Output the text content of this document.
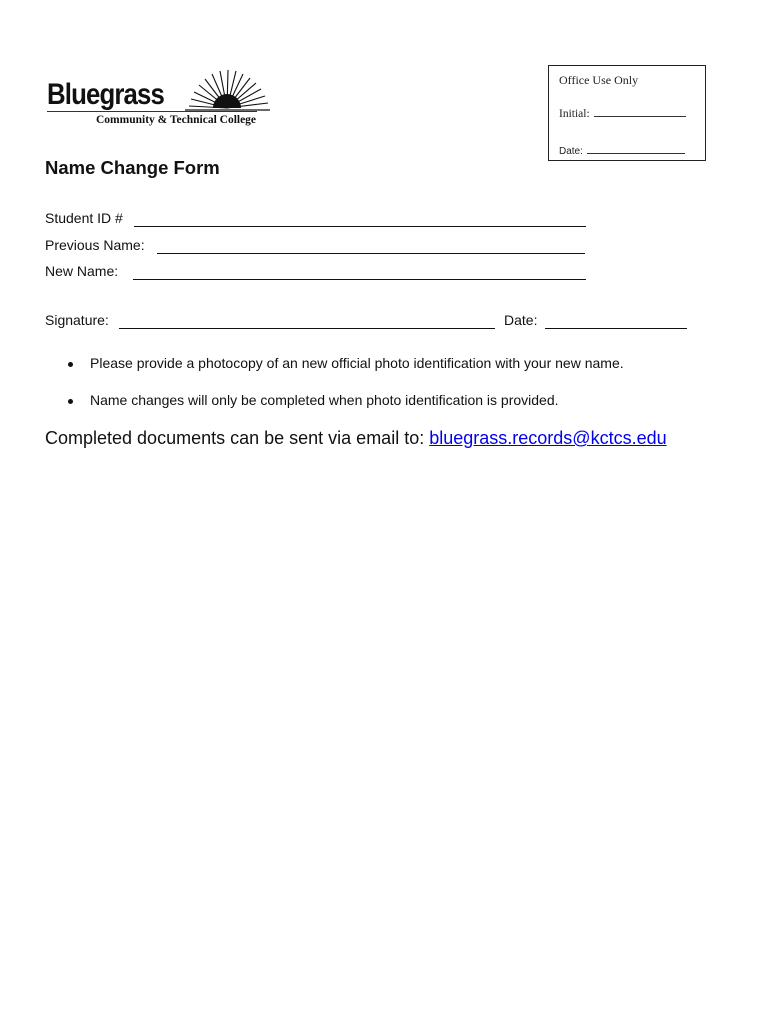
Bluegrass
Community & Technical College
Office Use Only
Initial:
Date:
Name Change Form
Student ID #
Previous Name:
New Name:
Signature:	Date:
Please provide a photocopy of an new official photo identification with your new name.
Name changes will only be completed when photo identification is provided.
Completed documents can be sent via email to: bluegrass.records@kctcs.edu
